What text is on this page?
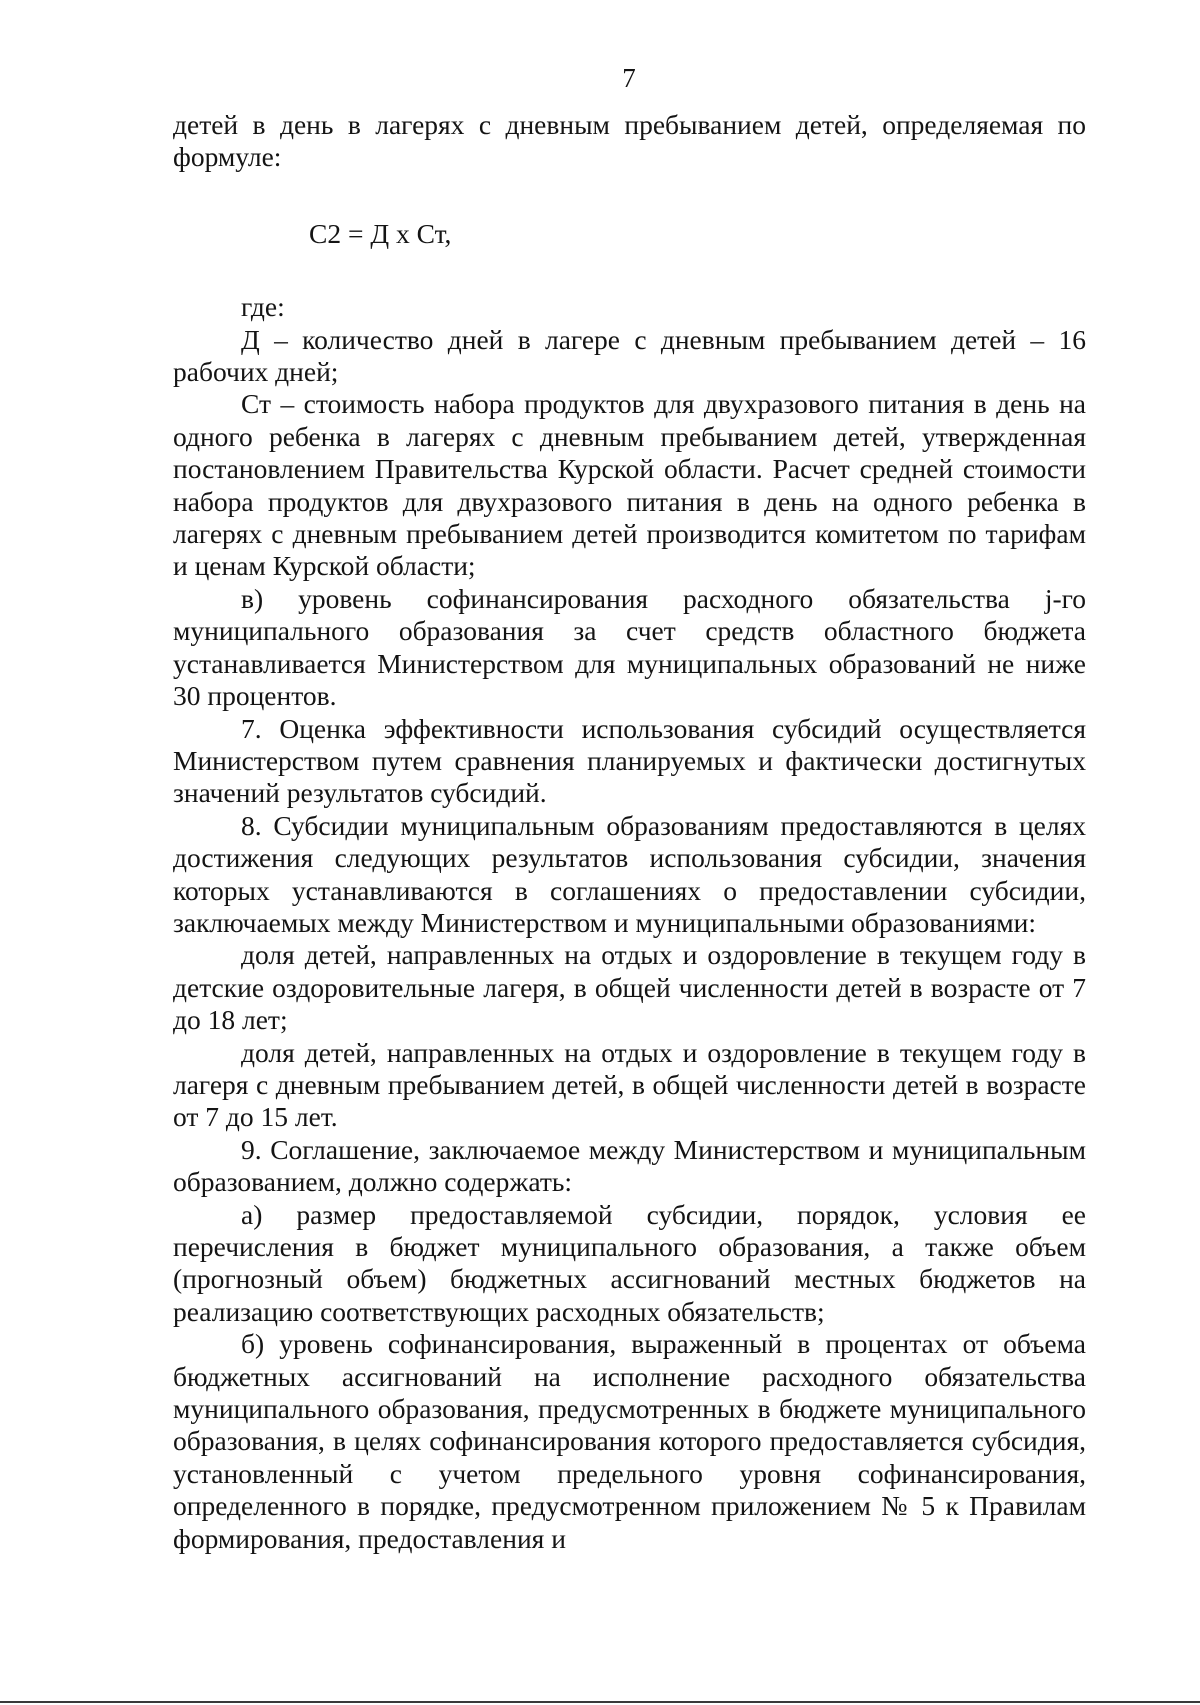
7

детей в день в лагерях с дневным пребыванием детей, определяемая по формуле:

С2 = Д х Ст,

где:

Д – количество дней в лагере с дневным пребыванием детей – 16 рабочих дней;

Ст – стоимость набора продуктов для двухразового питания в день на одного ребенка в лагерях с дневным пребыванием детей, утвержденная постановлением Правительства Курской области. Расчет средней стоимости набора продуктов для двухразового питания в день на одного ребенка в лагерях с дневным пребыванием детей производится комитетом по тарифам и ценам Курской области;

в) уровень софинансирования расходного обязательства j-го муниципального образования за счет средств областного бюджета устанавливается Министерством для муниципальных образований не ниже 30 процентов.

7. Оценка эффективности использования субсидий осуществляется Министерством путем сравнения планируемых и фактически достигнутых значений результатов субсидий.

8. Субсидии муниципальным образованиям предоставляются в целях достижения следующих результатов использования субсидии, значения которых устанавливаются в соглашениях о предоставлении субсидии, заключаемых между Министерством и муниципальными образованиями:

доля детей, направленных на отдых и оздоровление в текущем году в детские оздоровительные лагеря, в общей численности детей в возрасте от 7 до 18 лет;

доля детей, направленных на отдых и оздоровление в текущем году в лагеря с дневным пребыванием детей, в общей численности детей в возрасте от 7 до 15 лет.

9. Соглашение, заключаемое между Министерством и муниципальным образованием, должно содержать:

а) размер предоставляемой субсидии, порядок, условия ее перечисления в бюджет муниципального образования, а также объем (прогнозный объем) бюджетных ассигнований местных бюджетов на реализацию соответствующих расходных обязательств;

б) уровень софинансирования, выраженный в процентах от объема бюджетных ассигнований на исполнение расходного обязательства муниципального образования, предусмотренных в бюджете муниципального образования, в целях софинансирования которого предоставляется субсидия, установленный с учетом предельного уровня софинансирования, определенного в порядке, предусмотренном приложением № 5 к Правилам формирования, предоставления и
